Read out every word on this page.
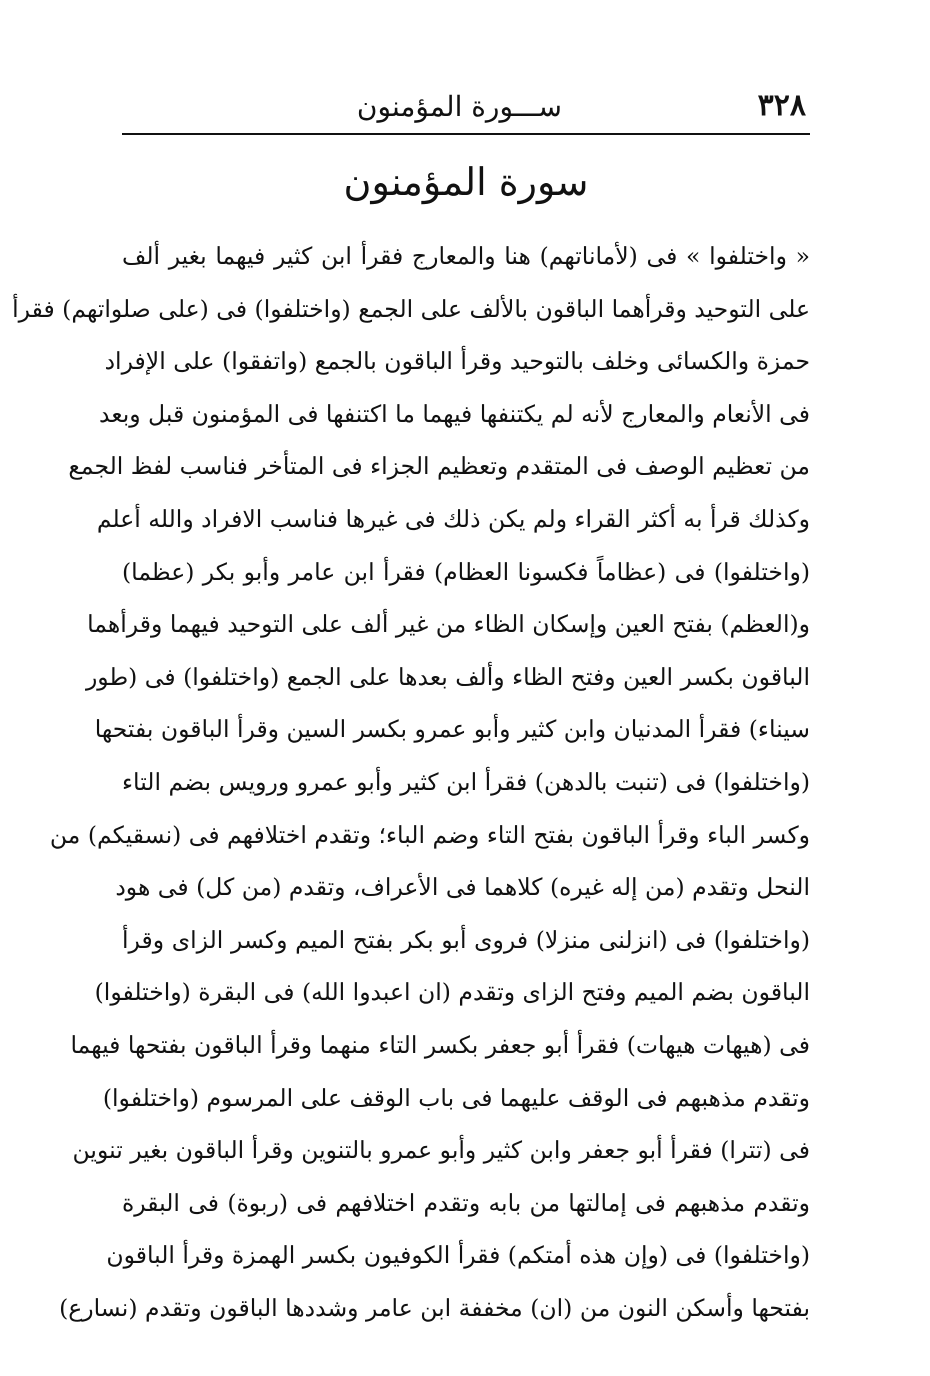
٣٢٨
ســـورة المؤمنون
سورة المؤمنون
« واختلفوا » فى (لأماناتهم) هنا والمعارج فقرأ ابن كثير فيهما بغير ألف
على التوحيد وقرأهما الباقون بالألف على الجمع (واختلفوا) فى (على صلواتهم) فقرأ
حمزة والكسائى وخلف بالتوحيد وقرأ الباقون بالجمع (واتفقوا) على الإفراد
فى الأنعام والمعارج لأنه لم يكتنفها فيهما ما اكتنفها فى المؤمنون قبل وبعد
من تعظيم الوصف فى المتقدم وتعظيم الجزاء فى المتأخر فناسب لفظ الجمع
وكذلك قرأ به أكثر القراء ولم يكن ذلك فى غيرها فناسب الافراد والله أعلم
(واختلفوا) فى (عظاماً فكسونا العظام) فقرأ ابن عامر وأبو بكر (عظما)
و(العظم) بفتح العين وإسكان الظاء من غير ألف على التوحيد فيهما وقرأهما
الباقون بكسر العين وفتح الظاء وألف بعدها على الجمع (واختلفوا) فى (طور
سيناء) فقرأ المدنيان وابن كثير وأبو عمرو بكسر السين وقرأ الباقون بفتحها
(واختلفوا) فى (تنبت بالدهن) فقرأ ابن كثير وأبو عمرو ورويس بضم التاء
وكسر الباء وقرأ الباقون بفتح التاء وضم الباء؛ وتقدم اختلافهم فى (نسقيكم) من
النحل وتقدم (من إله غيره) كلاهما فى الأعراف، وتقدم (من كل) فى هود
(واختلفوا) فى (انزلنى منزلا) فروى أبو بكر بفتح الميم وكسر الزاى وقرأ
الباقون بضم الميم وفتح الزاى وتقدم (ان اعبدوا الله) فى البقرة (واختلفوا)
فى (هيهات هيهات) فقرأ أبو جعفر بكسر التاء منهما وقرأ الباقون بفتحها فيهما
وتقدم مذهبهم فى الوقف عليهما فى باب الوقف على المرسوم (واختلفوا)
فى (تترا) فقرأ أبو جعفر وابن كثير وأبو عمرو بالتنوين وقرأ الباقون بغير تنوين
وتقدم مذهبهم فى إمالتها من بابه وتقدم اختلافهم فى (ربوة) فى البقرة
(واختلفوا) فى (وإن هذه أمتكم) فقرأ الكوفيون بكسر الهمزة وقرأ الباقون
بفتحها وأسكن النون من (ان) مخففة ابن عامر وشددها الباقون وتقدم (نسارع)
